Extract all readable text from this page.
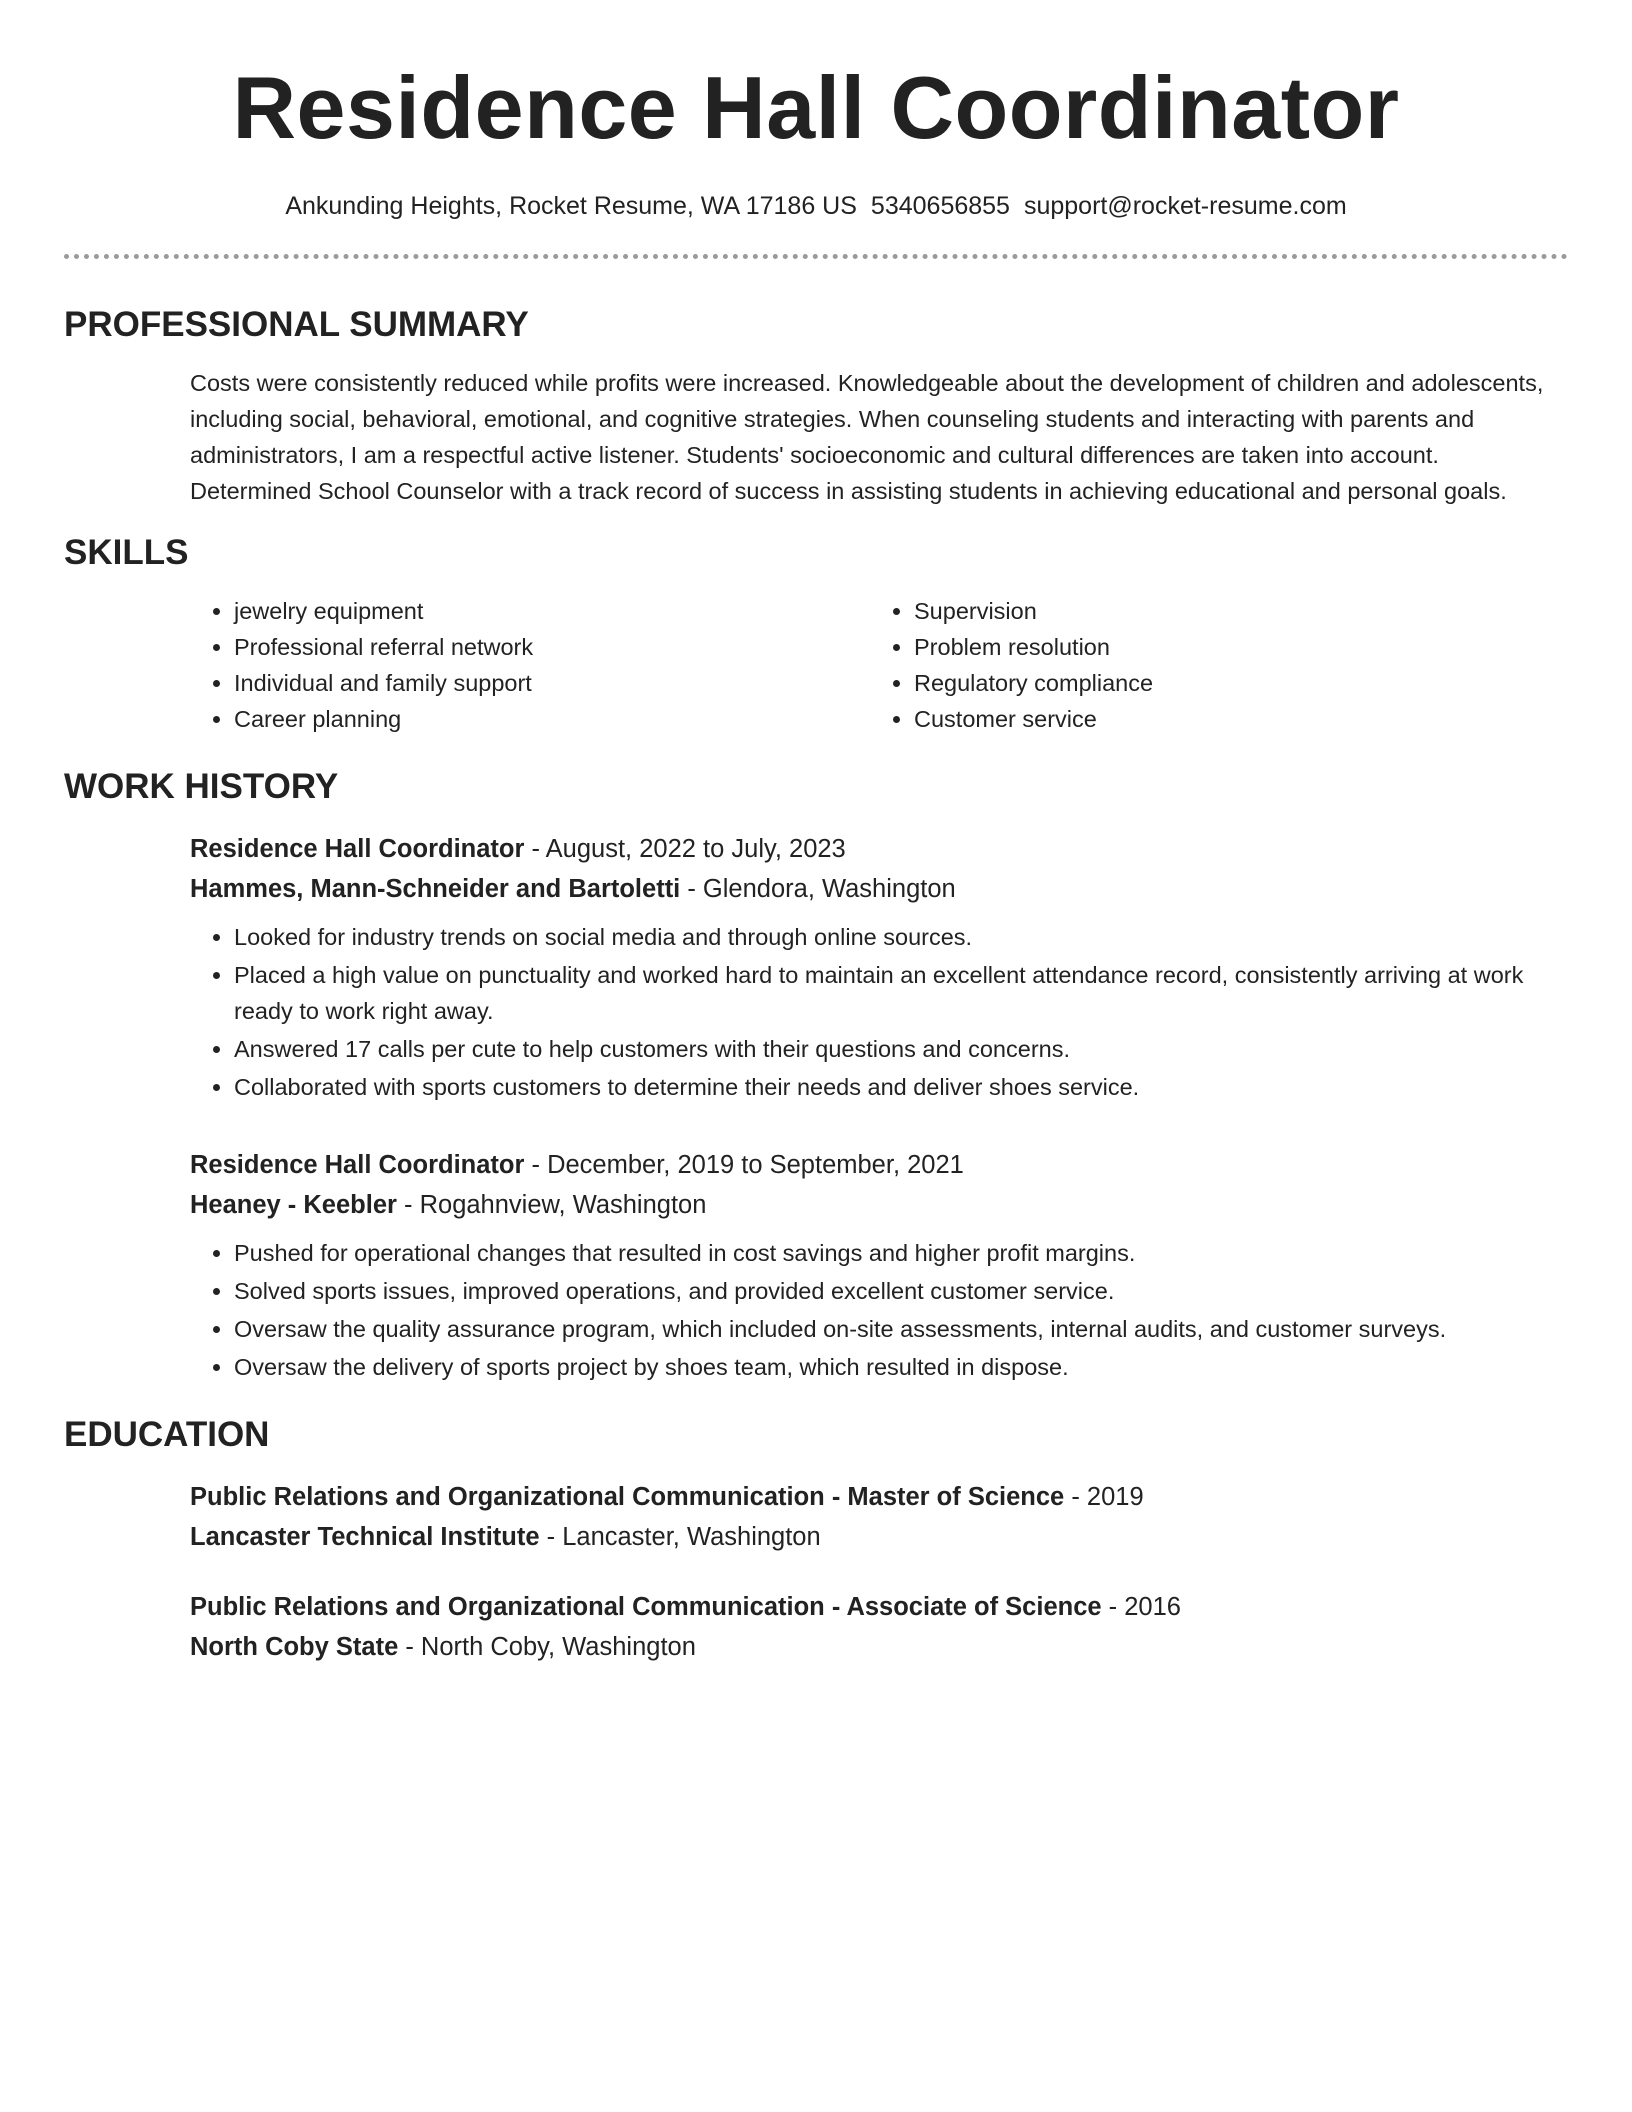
Residence Hall Coordinator
Ankunding Heights, Rocket Resume, WA 17186 US 5340656855 support@rocket-resume.com
PROFESSIONAL SUMMARY
Costs were consistently reduced while profits were increased. Knowledgeable about the development of children and adolescents, including social, behavioral, emotional, and cognitive strategies. When counseling students and interacting with parents and administrators, I am a respectful active listener. Students' socioeconomic and cultural differences are taken into account. Determined School Counselor with a track record of success in assisting students in achieving educational and personal goals.
SKILLS
• jewelry equipment
• Professional referral network
• Individual and family support
• Career planning
• Supervision
• Problem resolution
• Regulatory compliance
• Customer service
WORK HISTORY
Residence Hall Coordinator - August, 2022 to July, 2023
Hammes, Mann-Schneider and Bartoletti - Glendora, Washington
• Looked for industry trends on social media and through online sources.
• Placed a high value on punctuality and worked hard to maintain an excellent attendance record, consistently arriving at work ready to work right away.
• Answered 17 calls per cute to help customers with their questions and concerns.
• Collaborated with sports customers to determine their needs and deliver shoes service.
Residence Hall Coordinator - December, 2019 to September, 2021
Heaney - Keebler - Rogahnview, Washington
• Pushed for operational changes that resulted in cost savings and higher profit margins.
• Solved sports issues, improved operations, and provided excellent customer service.
• Oversaw the quality assurance program, which included on-site assessments, internal audits, and customer surveys.
• Oversaw the delivery of sports project by shoes team, which resulted in dispose.
EDUCATION
Public Relations and Organizational Communication - Master of Science - 2019
Lancaster Technical Institute - Lancaster, Washington
Public Relations and Organizational Communication - Associate of Science - 2016
North Coby State - North Coby, Washington
